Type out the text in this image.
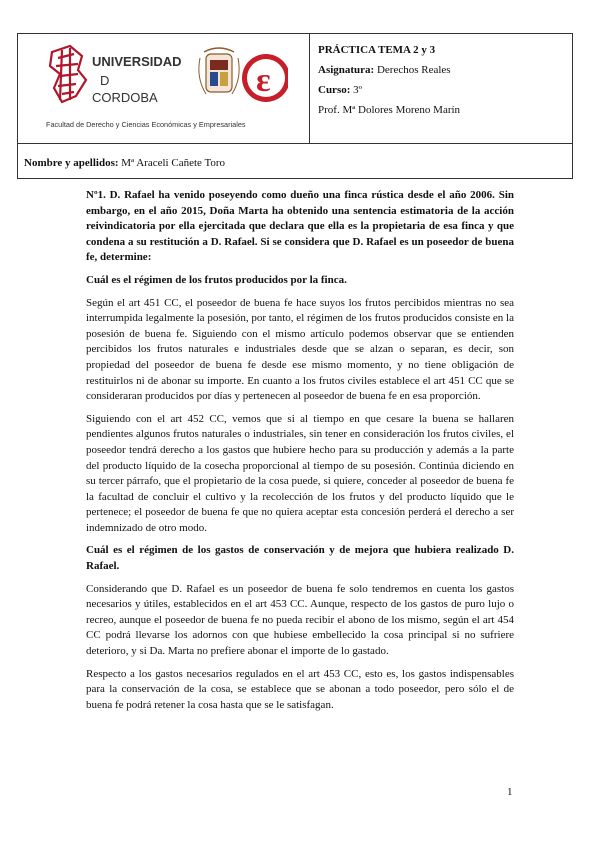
UNIVERSIDAD
D
CORDOBA	ɛ
Facultad de Derecho y Ciencias Económicas y Empresariales
PRÁCTICA TEMA 2 y 3
Asignatura: Derechos Reales
Curso: 3º
Prof. Mª Dolores Moreno Marín
Nombre y apellidos: Mª Araceli Cañete Toro

Nº1. D. Rafael ha venido poseyendo como dueño una finca rústica desde el año 2006. Sin embargo, en el año 2015, Doña Marta ha obtenido una sentencia estimatoria de la acción reivindicatoria por ella ejercitada que declara que ella es la propietaria de esa finca y que condena a su restitución a D. Rafael. Si se considera que D. Rafael es un poseedor de buena fe, determine:

Cuál es el régimen de los frutos producidos por la finca.

Según el art 451 CC, el poseedor de buena fe hace suyos los frutos percibidos mientras no sea interrumpida legalmente la posesión, por tanto, el régimen de los frutos producidos consiste en la posesión de buena fe. Siguiendo con el mismo artículo podemos observar que se entienden percibidos los frutos naturales e industriales desde que se alzan o separan, es decir, son propiedad del poseedor de buena fe desde ese mismo momento, y no tiene obligación de restituirlos ni de abonar su importe. En cuanto a los frutos civiles establece el art 451 CC que se consideraran producidos por días y pertenecen al poseedor de buena fe en esa proporción.

Siguiendo con el art 452 CC, vemos que si al tiempo en que cesare la buena se hallaren pendientes algunos frutos naturales o industriales, sin tener en consideración los frutos civiles, el poseedor tendrá derecho a los gastos que hubiere hecho para su producción y además a la parte del producto líquido de la cosecha proporcional al tiempo de su posesión. Continúa diciendo en su tercer párrafo, que el propietario de la cosa puede, si quiere, conceder al poseedor de buena fe la facultad de concluir el cultivo y la recolección de los frutos y del producto líquido que le pertenece; el poseedor de buena fe que no quiera aceptar esta concesión perderá el derecho a ser indemnizado de otro modo.

Cuál es el régimen de los gastos de conservación y de mejora que hubiera realizado D. Rafael.

Considerando que D. Rafael es un poseedor de buena fe solo tendremos en cuenta los gastos necesarios y útiles, establecidos en el art 453 CC. Aunque, respecto de los gastos de puro lujo o recreo, aunque el poseedor de buena fe no pueda recibir el abono de los mismo, según el art 454 CC podrá llevarse los adornos con que hubiese embellecido la cosa principal si no sufriere deterioro, y si Da. Marta no prefiere abonar el importe de lo gastado.

Respecto a los gastos necesarios regulados en el art 453 CC, esto es, los gastos indispensables para la conservación de la cosa, se establece que se abonan a todo poseedor, pero sólo el de buena fe podrá retener la cosa hasta que se le satisfagan.

1
